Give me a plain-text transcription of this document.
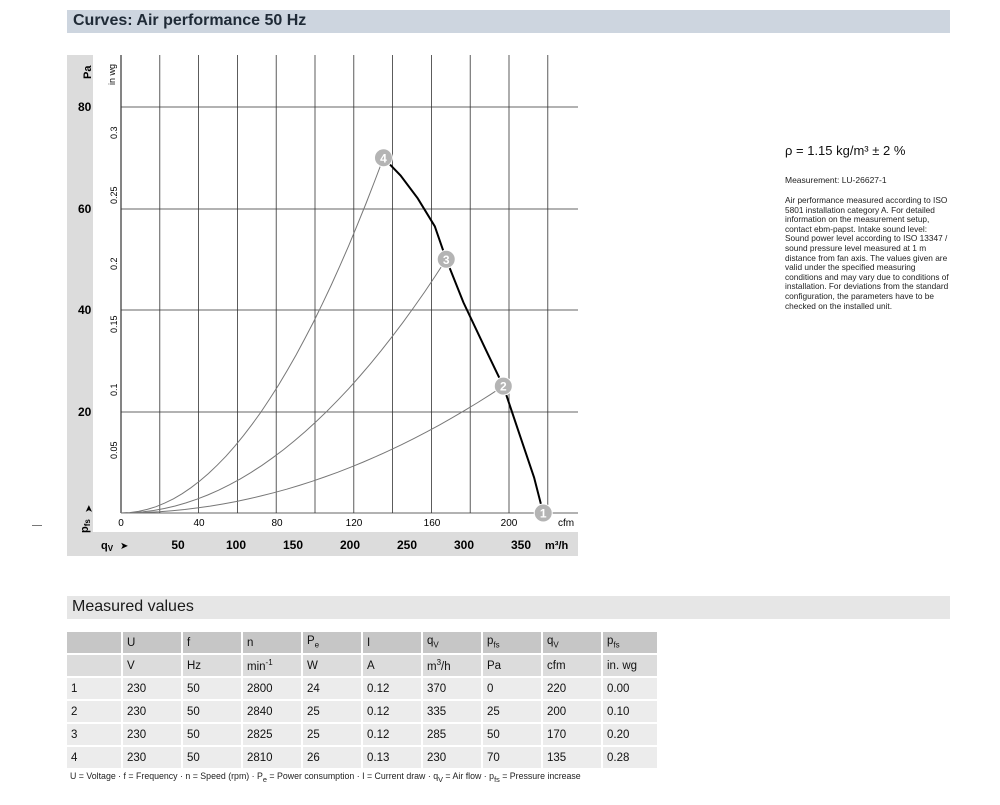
Curves: Air performance 50 Hz
Pa
80
60
40
20
in wg
0.3
0.25
0.2
0.15
0.1
0.05
pfs
➤
0	40	80	120	160	200	cfm
50	100	150	200	250	300	350 m³/h
qV ➤
1
2
3
4
ρ = 1.15 kg/m³ ± 2 %
Measurement: LU-26627-1
Air performance measured according to ISO
5801 installation category A. For detailed
information on the measurement setup,
contact ebm-papst. Intake sound level:
Sound power level according to ISO 13347 /
sound pressure level measured at 1 m
distance from fan axis. The values given are
valid under the specified measuring
conditions and may vary due to conditions of
installation. For deviations from the standard
configuration, the parameters have to be
checked on the installed unit.
Measured values
	U	f	n	$P_e$	I	$q_V$	$p_{fs}$	$q_V$	$p_{fs}$
	V	Hz	$\min^{-1}$	W	A	$m^3/h$	Pa	cfm	in. wg
1	230	50	2800	24	0.12	370	0	220	0.00
2	230	50	2840	25	0.12	335	25	200	0.10
3	230	50	2825	25	0.12	285	50	170	0.20
4	230	50	2810	26	0.13	230	70	135	0.28
U = Voltage · f = Frequency · n = Speed $(rpm) \cdot P_e$ = Power consumption · I = Current draw · $q_V$ = Air flow · $p_{fs}$ = Pressure increase
